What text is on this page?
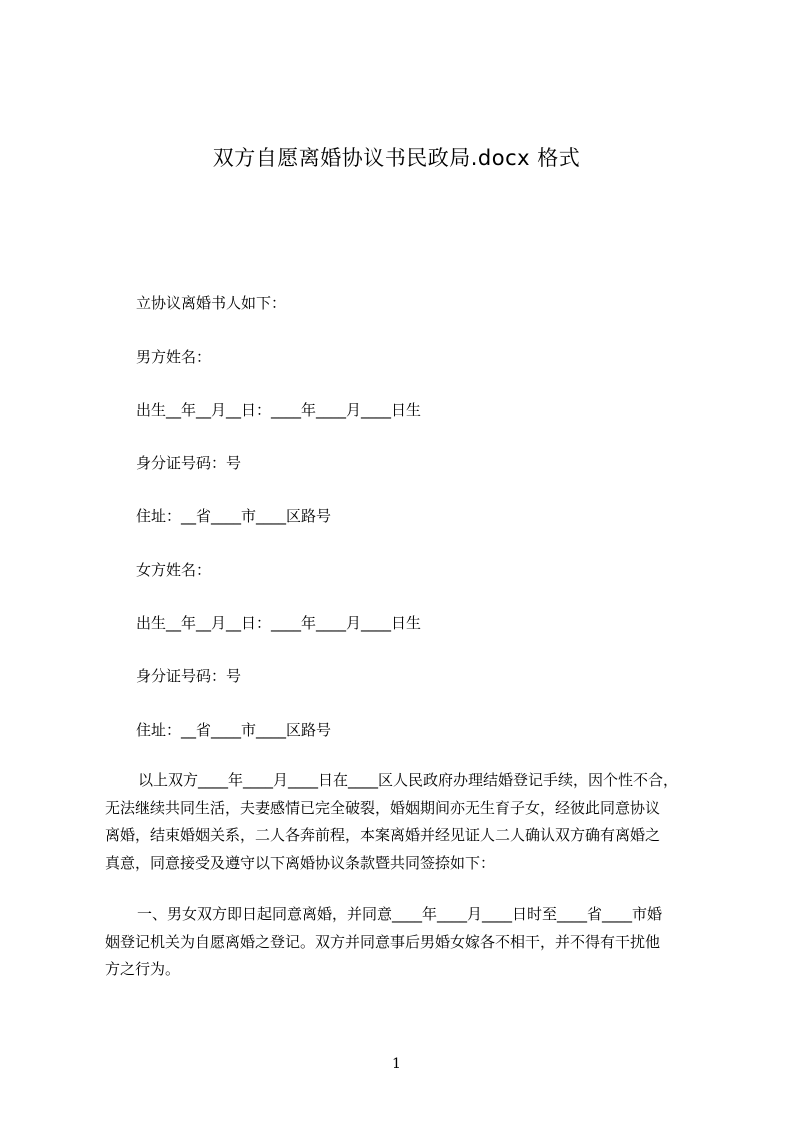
双方自愿离婚协议书民政局.docx 格式
立协议离婚书人如下：
男方姓名：
出生__年__月__日：____年____月____日生
身分证号码：号
住址：__省____市____区路号
女方姓名：
出生__年__月__日：____年____月____日生
身分证号码：号
住址：__省____市____区路号
以上双方____年____月____日在____区人民政府办理结婚登记手续，因个性不合，
无法继续共同生活，夫妻感情已完全破裂，婚姻期间亦无生育子女，经彼此同意协议
离婚，结束婚姻关系，二人各奔前程，本案离婚并经见证人二人确认双方确有离婚之
真意，同意接受及遵守以下离婚协议条款暨共同签捺如下：
一、男女双方即日起同意离婚，并同意____年____月____日时至____省____市婚
姻登记机关为自愿离婚之登记。双方并同意事后男婚女嫁各不相干，并不得有干扰他
方之行为。
1
